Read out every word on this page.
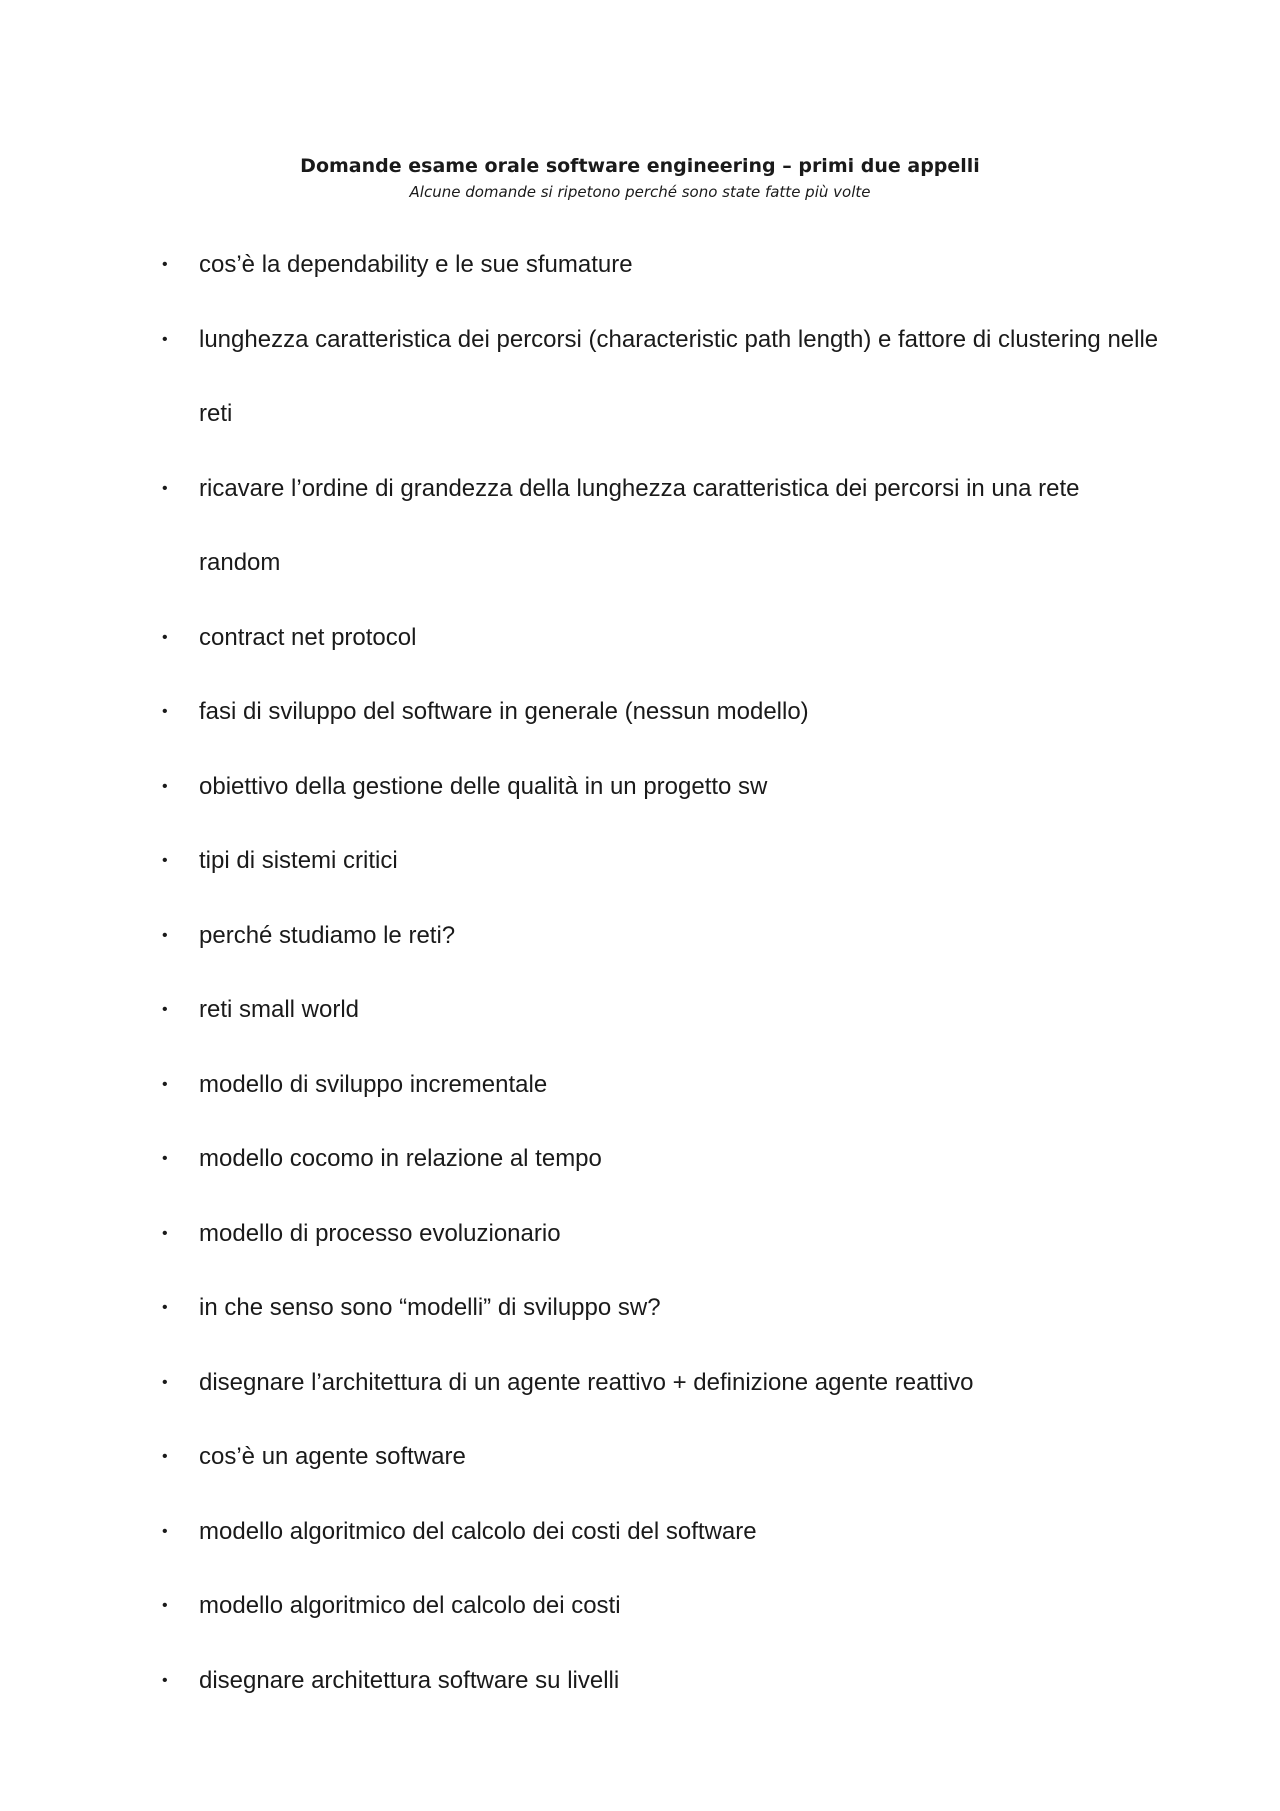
Domande esame orale software engineering – primi due appelli

Alcune domande si ripetono perché sono state fatte più volte

• cos’è la dependability e le sue sfumature
• lunghezza caratteristica dei percorsi (characteristic path length) e fattore di clustering nelle reti
• ricavare l’ordine di grandezza della lunghezza caratteristica dei percorsi in una rete random
• contract net protocol
• fasi di sviluppo del software in generale (nessun modello)
• obiettivo della gestione delle qualità in un progetto sw
• tipi di sistemi critici
• perché studiamo le reti?
• reti small world
• modello di sviluppo incrementale
• modello cocomo in relazione al tempo
• modello di processo evoluzionario
• in che senso sono “modelli” di sviluppo sw?
• disegnare l’architettura di un agente reattivo + definizione agente reattivo
• cos’è un agente software
• modello algoritmico del calcolo dei costi del software
• modello algoritmico del calcolo dei costi
• disegnare architettura software su livelli
